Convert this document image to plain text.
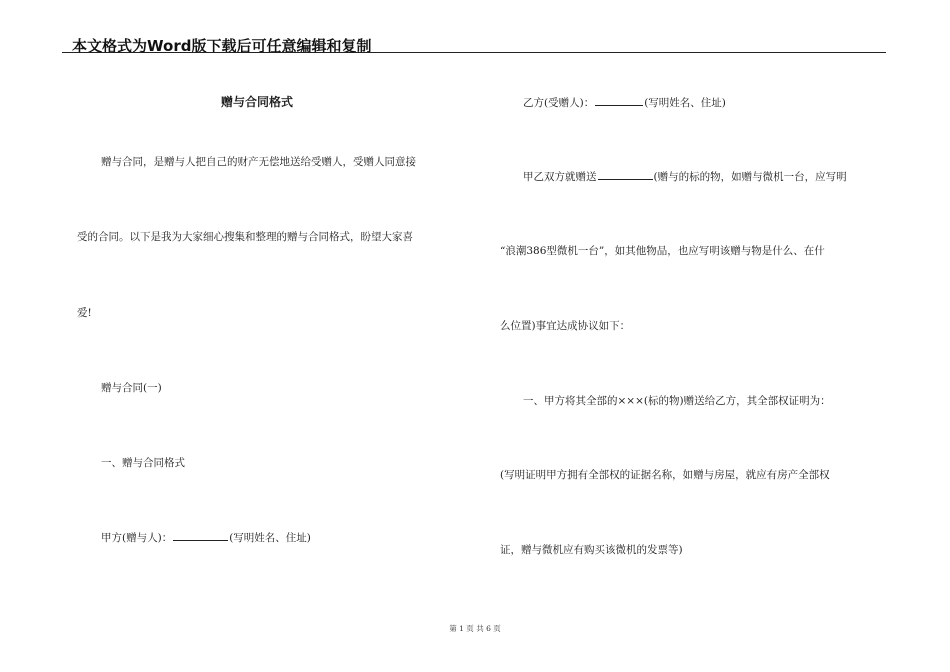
本文格式为Word版下载后可任意编辑和复制
赠与合同格式
赠与合同，是赠与人把自己的财产无偿地送给受赠人，受赠人同意接
受的合同。以下是我为大家细心搜集和整理的赠与合同格式，盼望大家喜
爱!
赠与合同(一)
一、赠与合同格式
甲方(赠与人)：	(写明姓名、住址)
乙方(受赠人)：	(写明姓名、住址)
甲乙双方就赠送	(赠与的标的物，如赠与微机一台，应写明
“浪潮386型微机一台”，如其他物品，也应写明该赠与物是什么、在什
么位置)事宜达成协议如下：
一、甲方将其全部的×××(标的物)赠送给乙方，其全部权证明为：
(写明证明甲方拥有全部权的证据名称，如赠与房屋，就应有房产全部权
证，赠与微机应有购买该微机的发票等)
第 1 页 共 6 页
